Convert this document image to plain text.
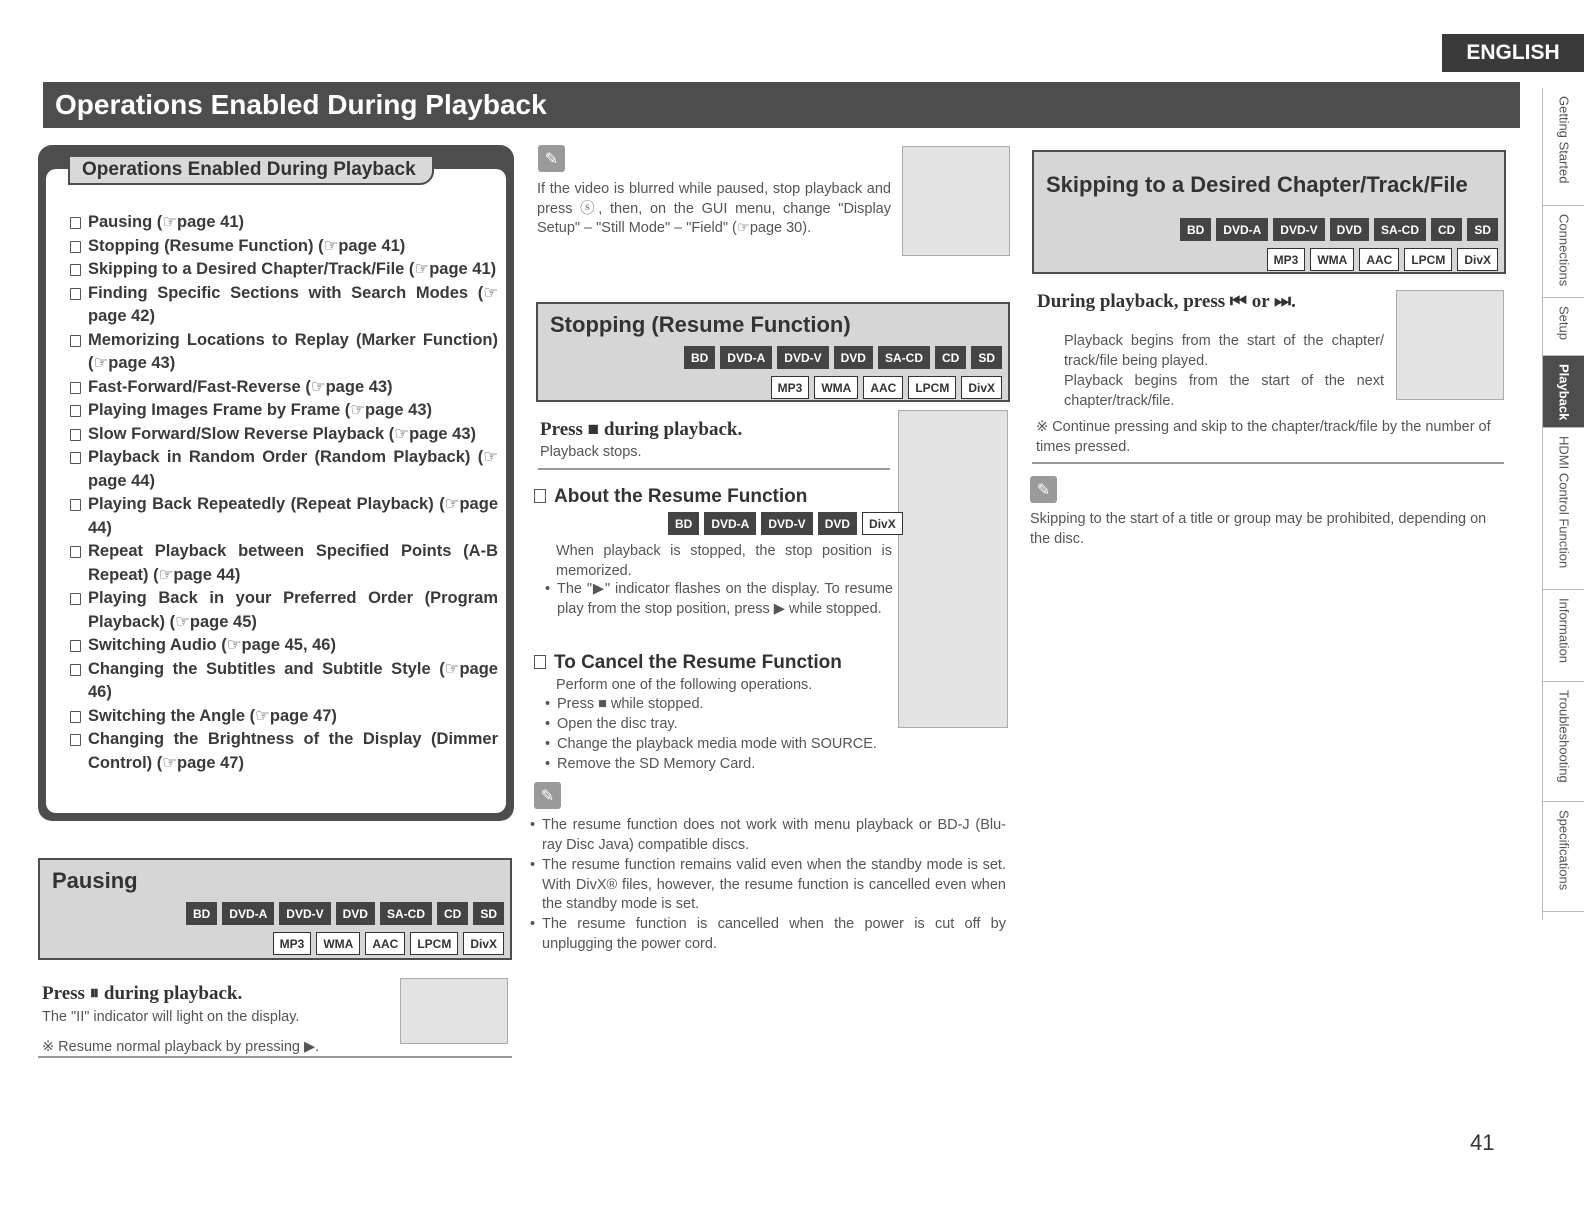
ENGLISH
Operations Enabled During Playback	Getting Started
Connections
Setup
Playback
HDMI Control Function
Information
Troubleshooting
Specifications
Operations Enabled During Playback
Pausing (☞page 41)
Stopping (Resume Function) (☞page 41)
Skipping to a Desired Chapter/Track/File (☞page 41)
Finding Specific Sections with Search Modes (☞page 42)
Memorizing Locations to Replay (Marker Function) (☞page 43)
Fast-Forward/Fast-Reverse (☞page 43)
Playing Images Frame by Frame (☞page 43)
Slow Forward/Slow Reverse Playback (☞page 43)
Playback in Random Order (Random Playback) (☞page 44)
Playing Back Repeatedly (Repeat Playback) (☞page 44)
Repeat Playback between Specified Points (A-B Repeat) (☞page 44)
Playing Back in your Preferred Order (Program Playback) (☞page 45)
Switching Audio (☞page 45, 46)
Changing the Subtitles and Subtitle Style (☞page 46)
Switching the Angle (☞page 47)
Changing the Brightness of the Display (Dimmer Control) (☞page 47)
Pausing
BD	DVD-A	DVD-V	DVD	SA-CD	CD	SD
MP3	WMA	AAC	LPCM	DivX
Press ⏸ during playback.
The "II" indicator will light on the display.
※ Resume normal playback by pressing ▶.
✎
If the video is blurred while paused, stop playback and press ⓢ, then, on the GUI menu, change "Display Setup" – "Still Mode" – "Field" (☞page 30).
Stopping (Resume Function)
BD	DVD-A	DVD-V	DVD	SA-CD	CD	SD
MP3	WMA	AAC	LPCM	DivX
Press ■ during playback.
Playback stops.
About the Resume Function
BD	DVD-A	DVD-V	DVD	DivX
When playback is stopped, the stop position is memorized.
• The "▶" indicator flashes on the display. To resume play from the stop position, press ▶ while stopped.
To Cancel the Resume Function
Perform one of the following operations.
• Press ■ while stopped.
• Open the disc tray.
• Change the playback media mode with SOURCE.
• Remove the SD Memory Card.
✎
• The resume function does not work with menu playback or BD-J (Blu-ray Disc Java) compatible discs.
• The resume function remains valid even when the standby mode is set. With DivX® files, however, the resume function is cancelled even when the standby mode is set.
• The resume function is cancelled when the power is cut off by unplugging the power cord.
Skipping to a Desired Chapter/Track/File
BD	DVD-A	DVD-V	DVD	SA-CD	CD	SD
MP3	WMA	AAC	LPCM	DivX
During playback, press ⏮ or ⏭.
Playback begins from the start of the chapter/ track/file being played.
Playback begins from the start of the next chapter/track/file.
※ Continue pressing and skip to the chapter/track/file by the number of times pressed.
✎
Skipping to the start of a title or group may be prohibited, depending on the disc.
41
